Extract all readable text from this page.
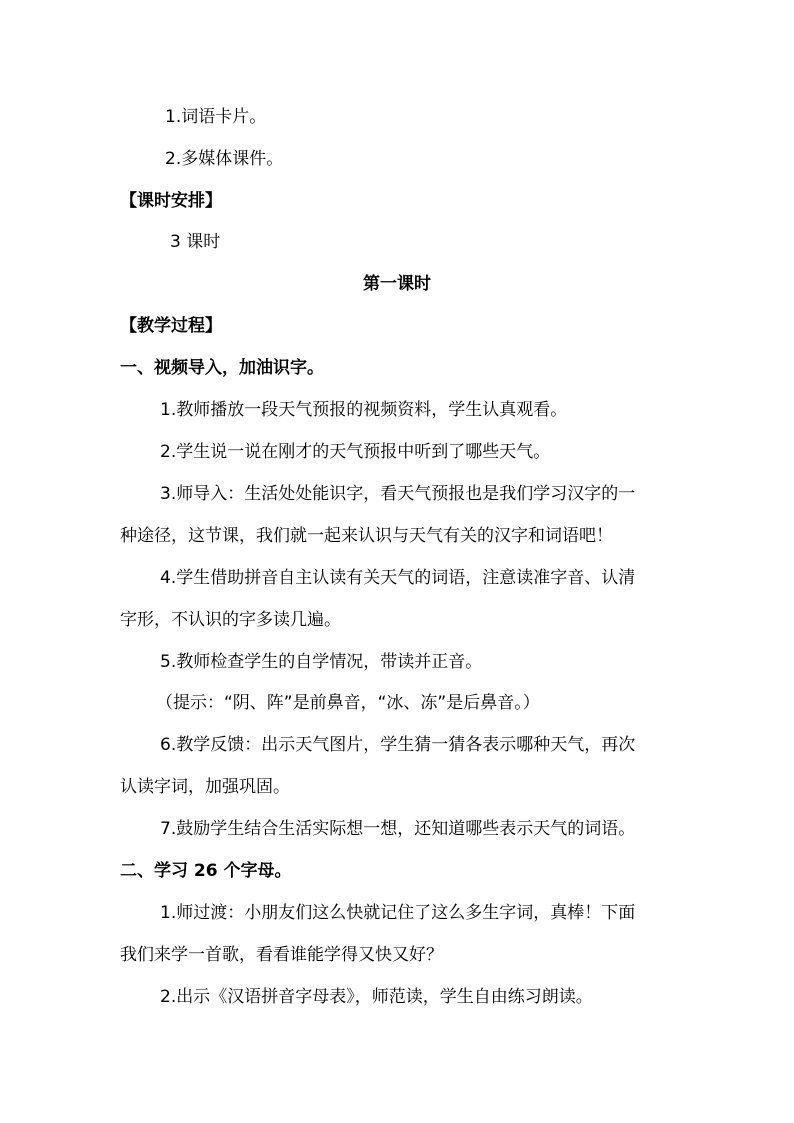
1.词语卡片。
2.多媒体课件。
【课时安排】
3 课时
第一课时
【教学过程】
一、视频导入，加油识字。
1.教师播放一段天气预报的视频资料，学生认真观看。
2.学生说一说在刚才的天气预报中听到了哪些天气。
3.师导入：生活处处能识字，看天气预报也是我们学习汉字的一
种途径，这节课，我们就一起来认识与天气有关的汉字和词语吧！
4.学生借助拼音自主认读有关天气的词语，注意读准字音、认清
字形，不认识的字多读几遍。
5.教师检查学生的自学情况，带读并正音。
（提示：“阴、阵”是前鼻音，“冰、冻”是后鼻音。）
6.教学反馈：出示天气图片，学生猜一猜各表示哪种天气，再次
认读字词，加强巩固。
7.鼓励学生结合生活实际想一想，还知道哪些表示天气的词语。
二、学习 26 个字母。
1.师过渡：小朋友们这么快就记住了这么多生字词，真棒！下面
我们来学一首歌，看看谁能学得又快又好？
2.出示《汉语拼音字母表》，师范读，学生自由练习朗读。
